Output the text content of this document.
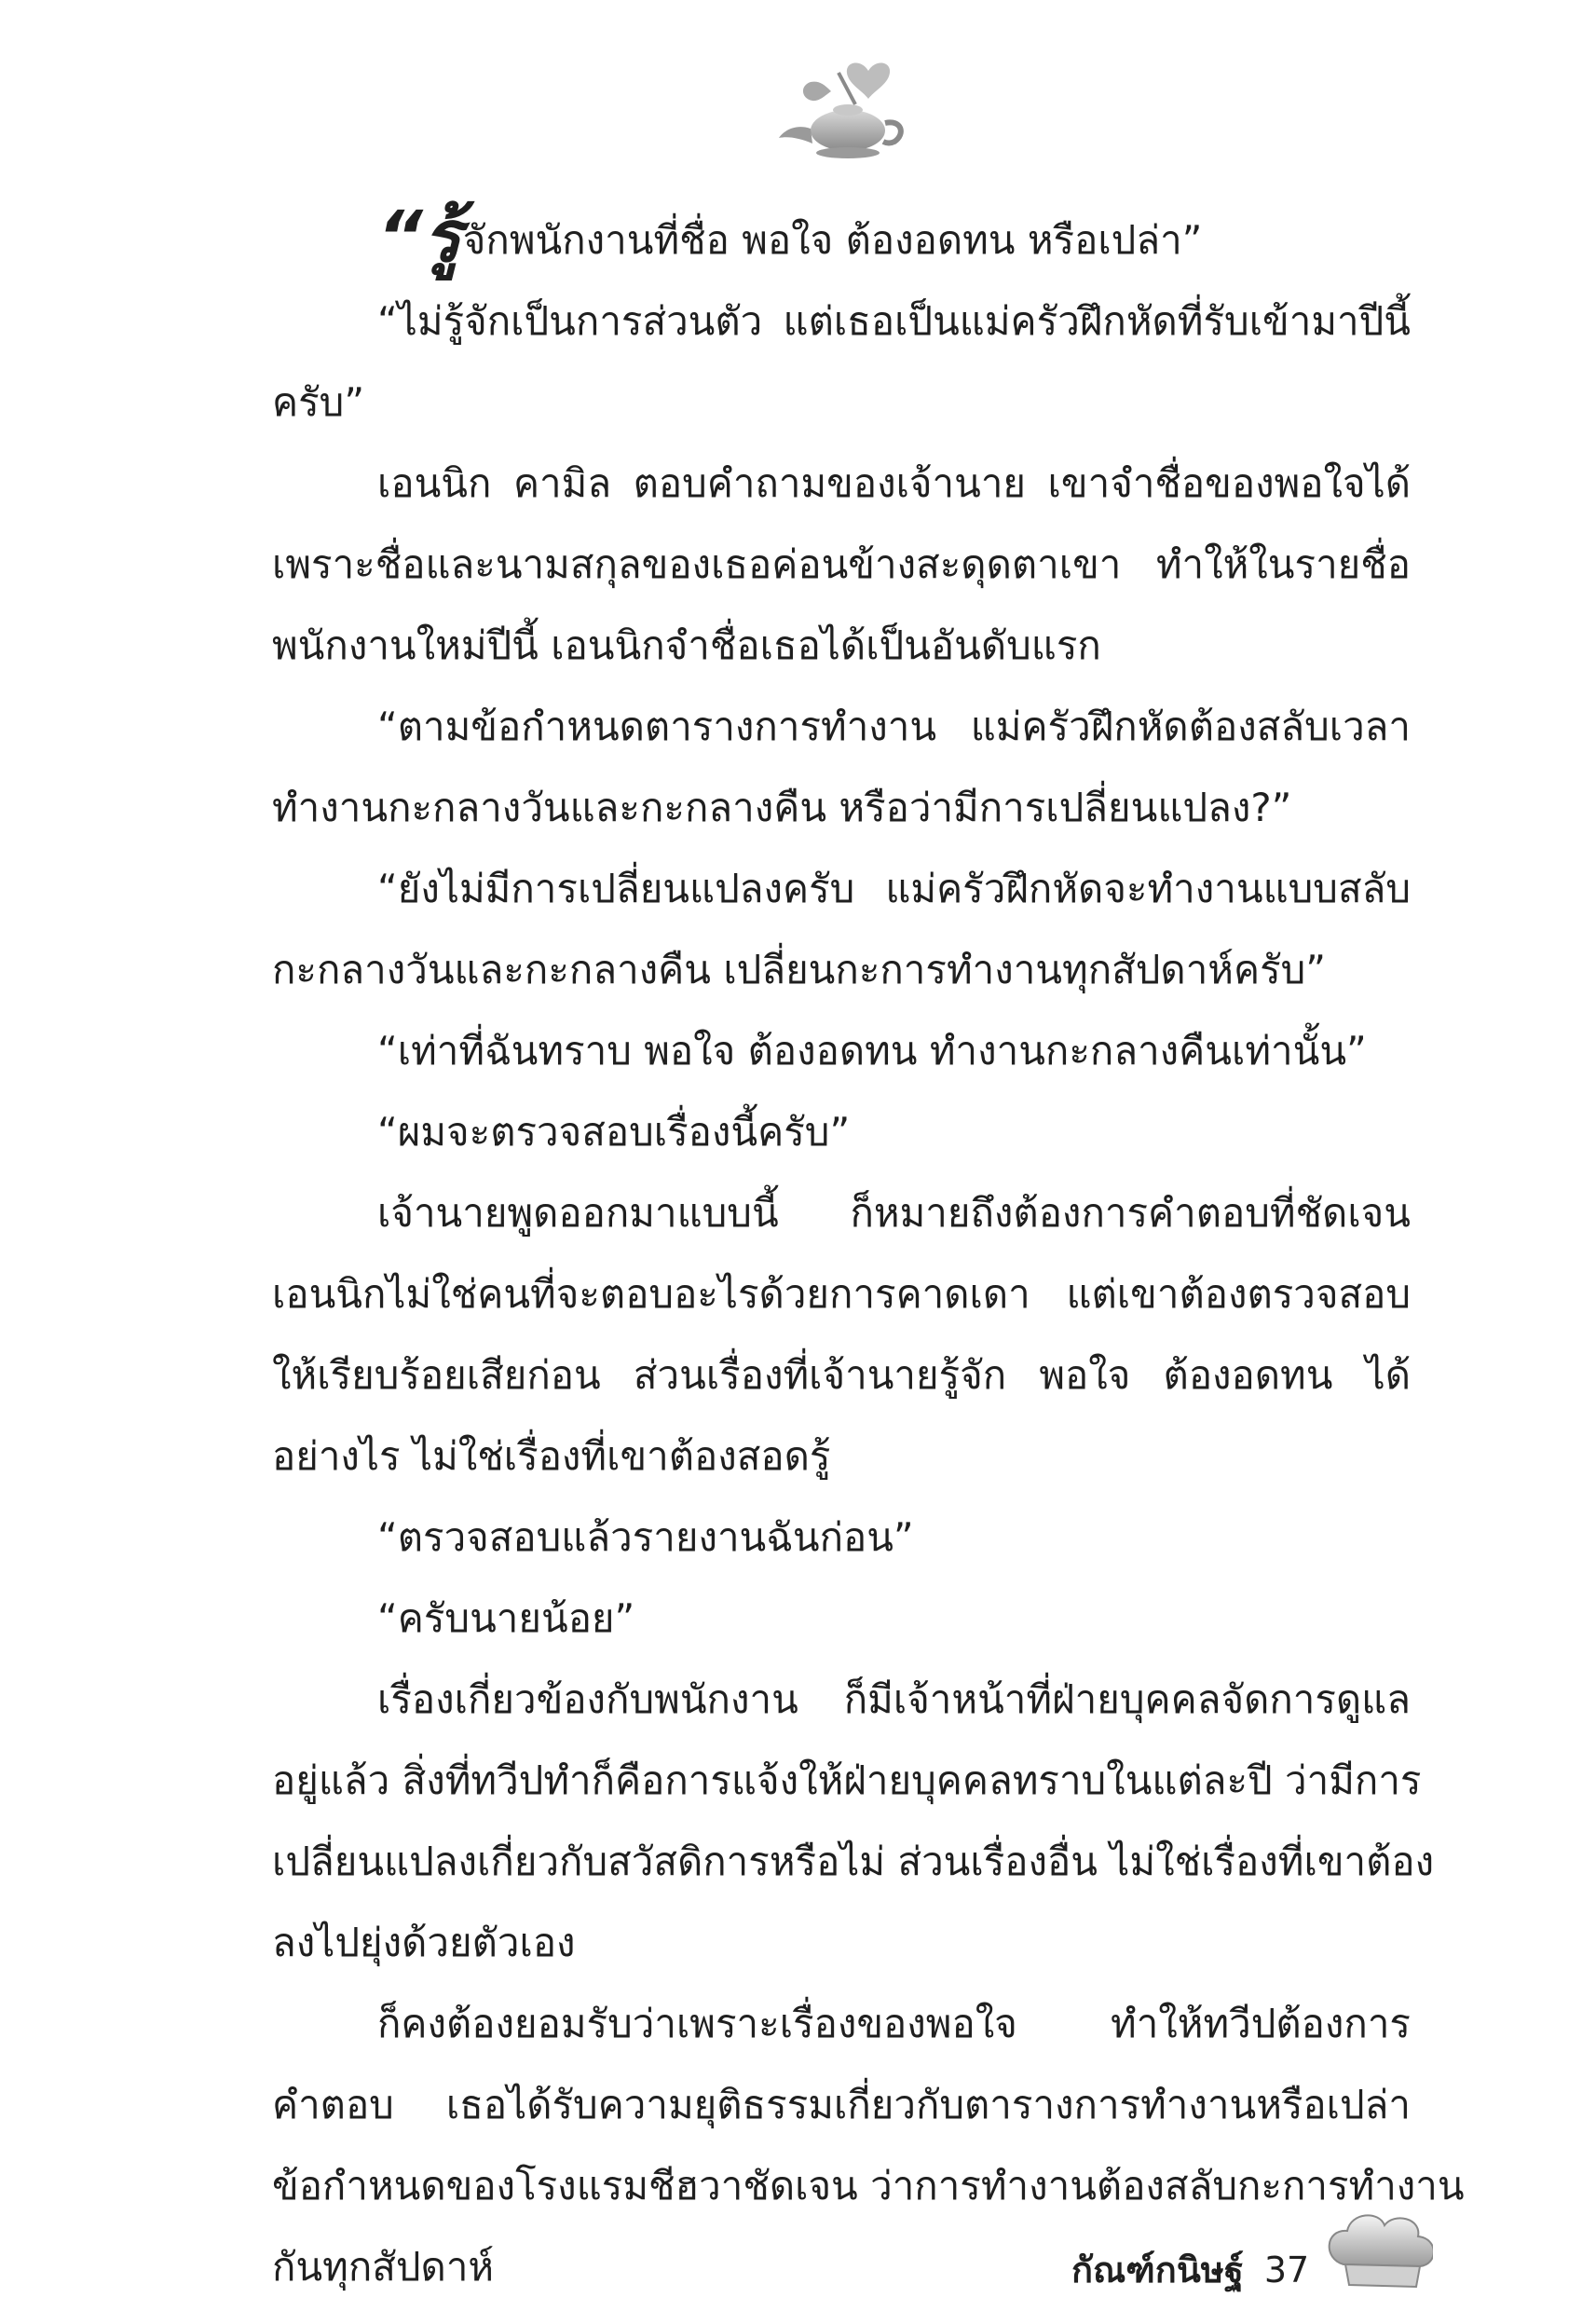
“รู้จักพนักงานที่ชื่อ พอใจ ต้องอดทน หรือเปล่า”
“ไม่รู้จักเป็นการส่วนตัว แต่เธอเป็นแม่ครัวฝึกหัดที่รับเข้ามาปีนี้
ครับ”
เอนนิก คามิล ตอบคำถามของเจ้านาย เขาจำชื่อของพอใจได้
เพราะชื่อและนามสกุลของเธอค่อนข้างสะดุดตาเขา ทำให้ในรายชื่อ
พนักงานใหม่ปีนี้ เอนนิกจำชื่อเธอได้เป็นอันดับแรก
“ตามข้อกำหนดตารางการทำงาน แม่ครัวฝึกหัดต้องสลับเวลา
ทำงานกะกลางวันและกะกลางคืน หรือว่ามีการเปลี่ยนแปลง?”
“ยังไม่มีการเปลี่ยนแปลงครับ แม่ครัวฝึกหัดจะทำงานแบบสลับ
กะกลางวันและกะกลางคืน เปลี่ยนกะการทำงานทุกสัปดาห์ครับ”
“เท่าที่ฉันทราบ พอใจ ต้องอดทน ทำงานกะกลางคืนเท่านั้น”
“ผมจะตรวจสอบเรื่องนี้ครับ”
เจ้านายพูดออกมาแบบนี้ ก็หมายถึงต้องการคำตอบที่ชัดเจน
เอนนิกไม่ใช่คนที่จะตอบอะไรด้วยการคาดเดา แต่เขาต้องตรวจสอบ
ให้เรียบร้อยเสียก่อน ส่วนเรื่องที่เจ้านายรู้จัก พอใจ ต้องอดทน ได้
อย่างไร ไม่ใช่เรื่องที่เขาต้องสอดรู้
“ตรวจสอบแล้วรายงานฉันก่อน”
“ครับนายน้อย”
เรื่องเกี่ยวข้องกับพนักงาน ก็มีเจ้าหน้าที่ฝ่ายบุคคลจัดการดูแล
อยู่แล้ว สิ่งที่ทวีปทำก็คือการแจ้งให้ฝ่ายบุคคลทราบในแต่ละปี ว่ามีการ
เปลี่ยนแปลงเกี่ยวกับสวัสดิการหรือไม่ ส่วนเรื่องอื่น ไม่ใช่เรื่องที่เขาต้อง
ลงไปยุ่งด้วยตัวเอง
ก็คงต้องยอมรับว่าเพราะเรื่องของพอใจ ทำให้ทวีปต้องการ
คำตอบ เธอได้รับความยุติธรรมเกี่ยวกับตารางการทำงานหรือเปล่า
ข้อกำหนดของโรงแรมชีฮวาชัดเจน ว่าการทำงานต้องสลับกะการทำงาน
กันทุกสัปดาห์	กัณฑ์กนิษฐ์ 37
